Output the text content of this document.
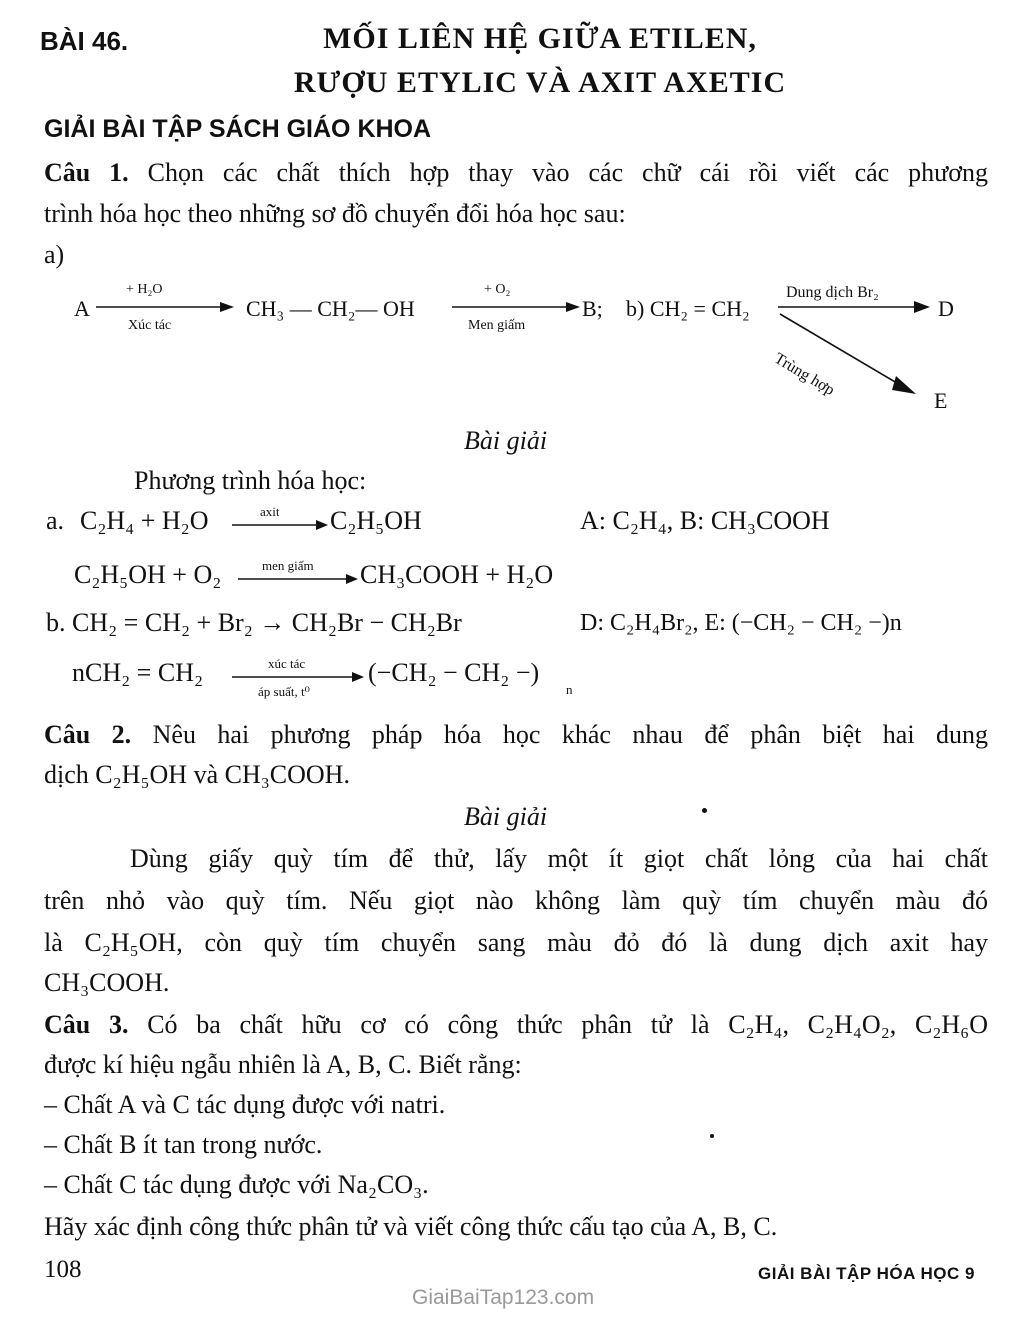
BÀI 46.	MỐI LIÊN HỆ GIỮA ETILEN,
RƯỢU ETYLIC VÀ AXIT AXETIC
GIẢI BÀI TẬP SÁCH GIÁO KHOA
Câu 1. Chọn các chất thích hợp thay vào các chữ cái rồi viết các phương
trình hóa học theo những sơ đồ chuyển đổi hóa học sau:
a)
A
+ H₂O
Xúc tác
CH₃ — CH₂— OH
+ O₂
Men giấm
B; b) CH₂ = CH₂
Dung dịch Br₂
D
Trùng hợp
E
Bài giải
Phương trình hóa học:
a. C₂H₄ + H₂O	axit C₂H₅OH	A: C₂H₄, B: CH₃COOH
C₂H₅OH + O₂	men giấm CH₃COOH + H₂O
b. CH₂ = CH₂ + Br₂ → CH₂Br − CH₂Br	D: C₂H₄Br₂, E: (−CH₂ − CH₂ −)n
nCH₂ = CH₂	xúc tác
áp suất, t⁰
(−CH₂ − CH₂ −)
n
Câu 2. Nêu hai phương pháp hóa học khác nhau để phân biệt hai dung
dịch C₂H₅OH và CH₃COOH.
Bài giải
Dùng giấy quỳ tím để thử, lấy một ít giọt chất lỏng của hai chất
trên nhỏ vào quỳ tím. Nếu giọt nào không làm quỳ tím chuyển màu đó
là C₂H₅OH, còn quỳ tím chuyển sang màu đỏ đó là dung dịch axit hay
CH₃COOH.
Câu 3. Có ba chất hữu cơ có công thức phân tử là C₂H₄, C₂H₄O₂, C₂H₆O
được kí hiệu ngẫu nhiên là A, B, C. Biết rằng:
– Chất A và C tác dụng được với natri.
– Chất B ít tan trong nước.
– Chất C tác dụng được với Na₂CO₃.
Hãy xác định công thức phân tử và viết công thức cấu tạo của A, B, C.
108	GIẢI BÀI TẬP HÓA HỌC 9
GiaiBaiTap123.com
